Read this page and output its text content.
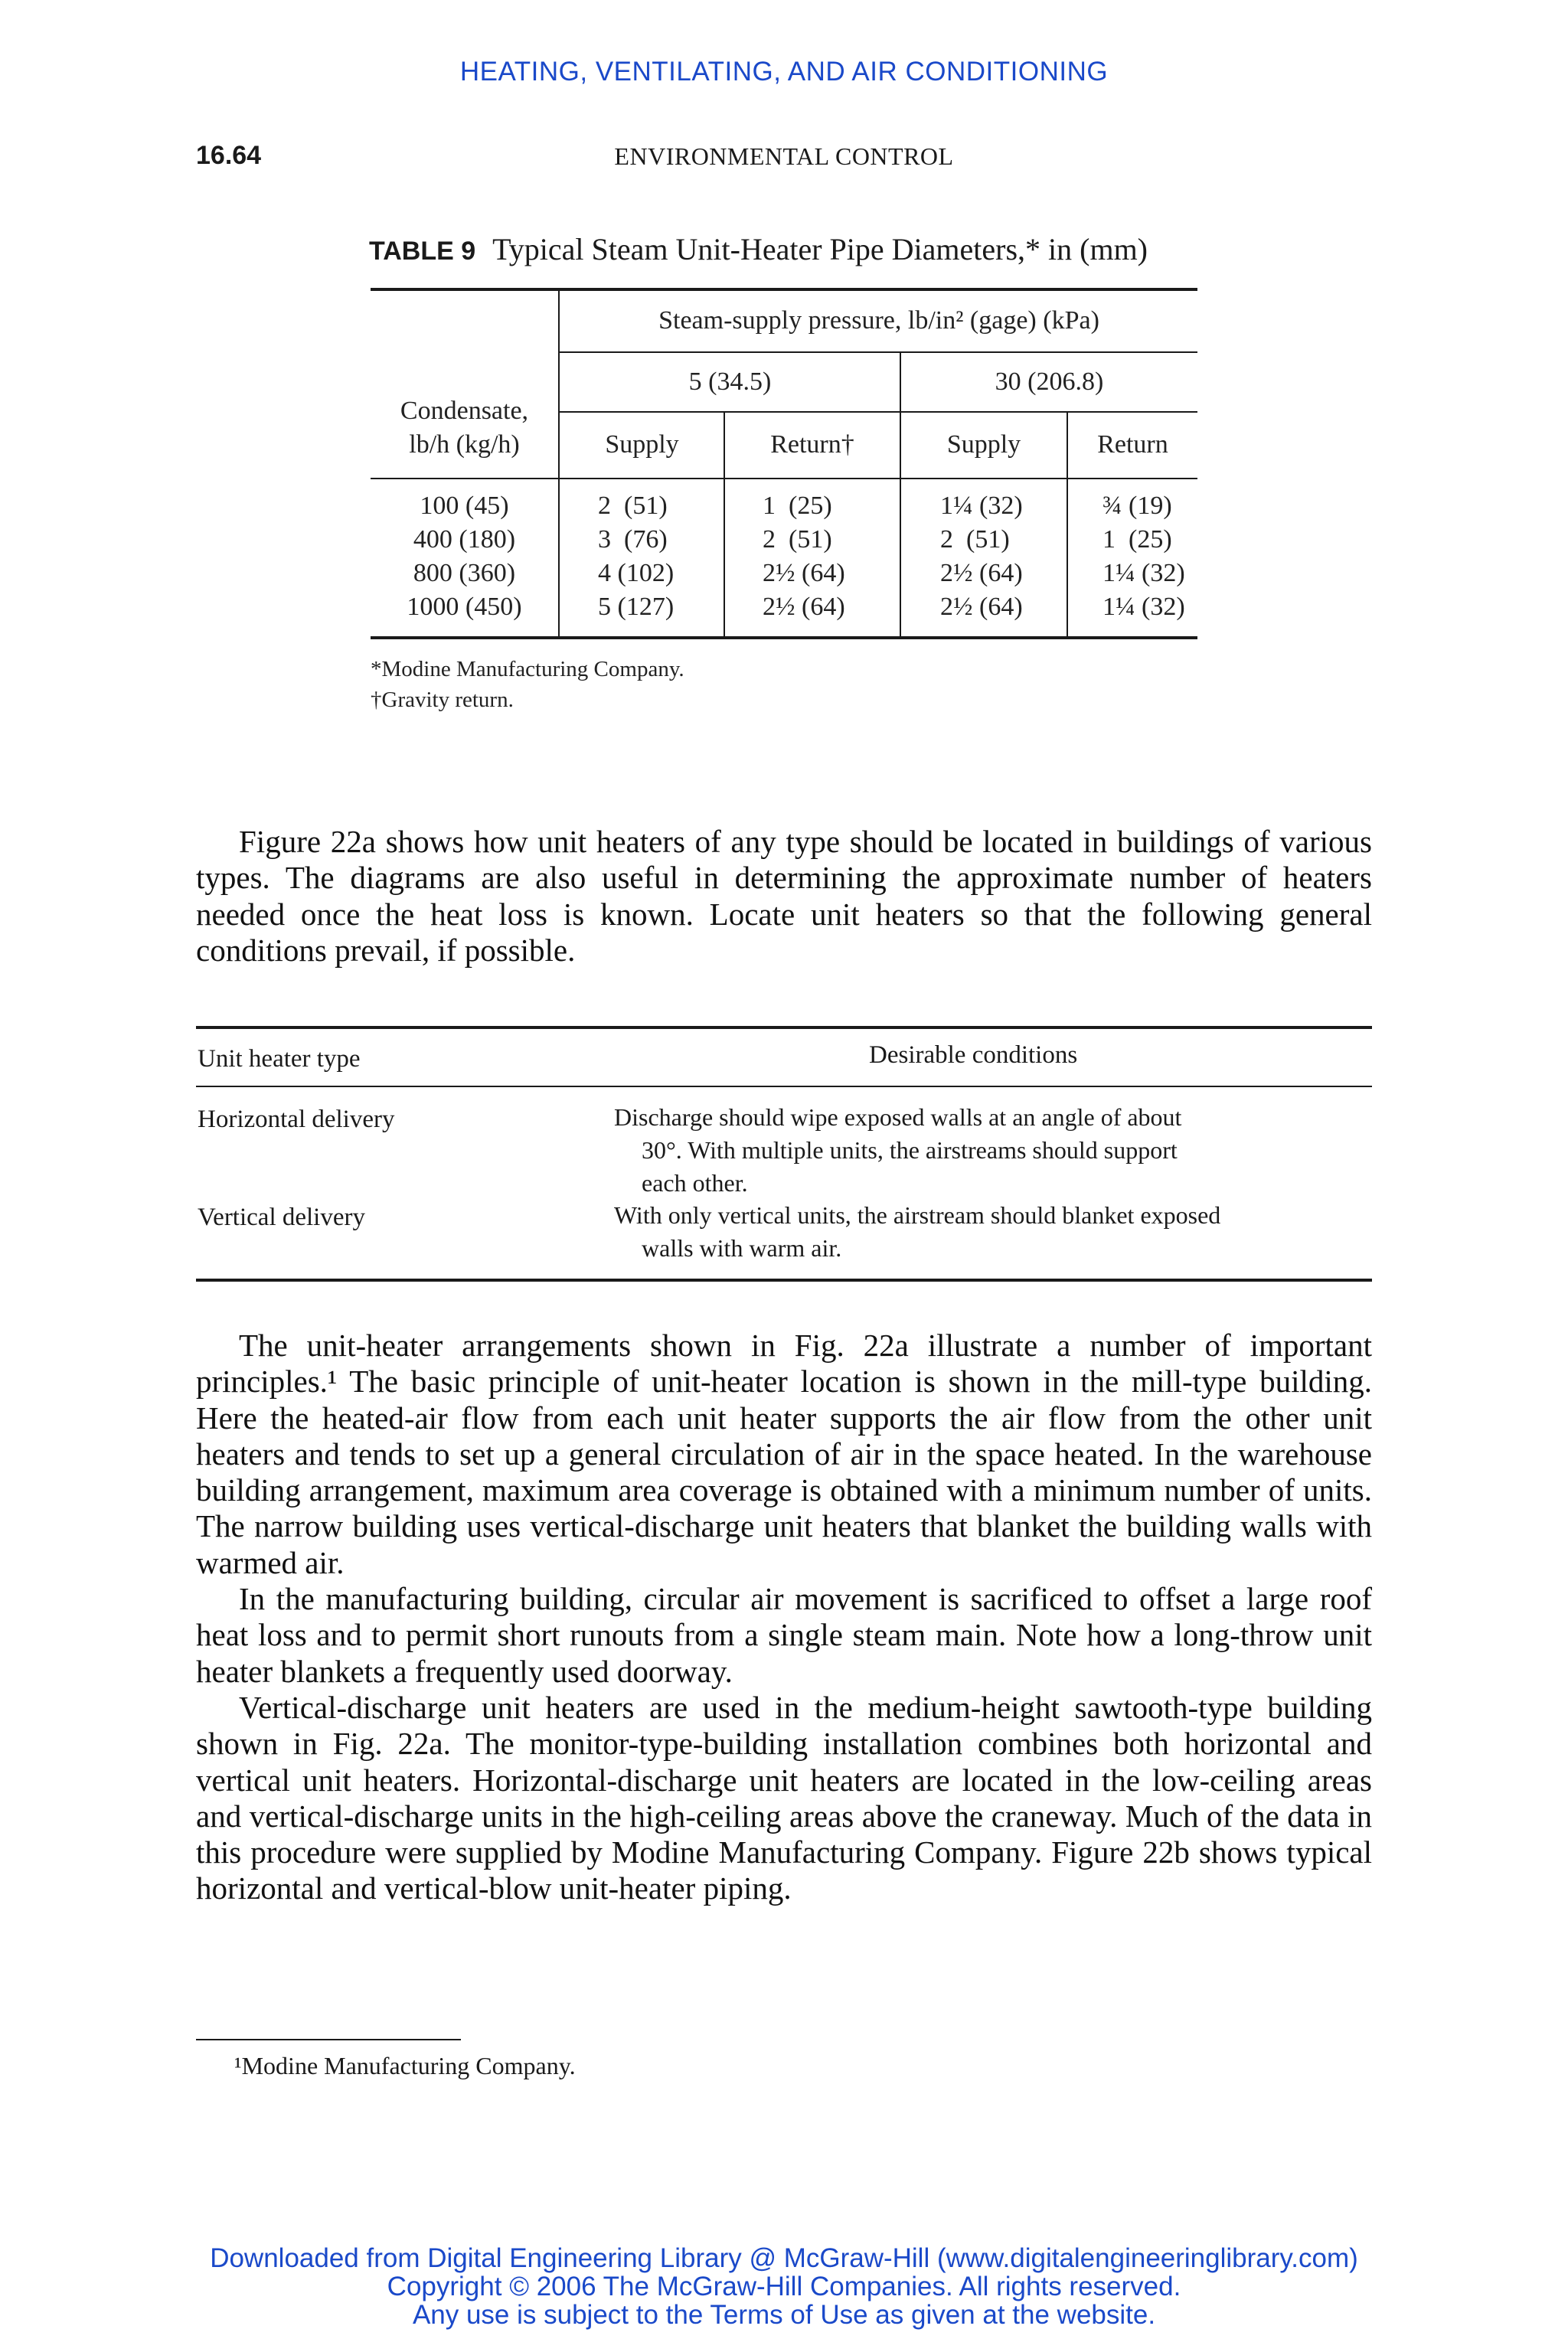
HEATING, VENTILATING, AND AIR CONDITIONING
16.64	ENVIRONMENTAL CONTROL
TABLE 9 Typical Steam Unit-Heater Pipe Diameters,* in (mm)
Steam-supply pressure, lb/in² (gage) (kPa)
5 (34.5)	30 (206.8)
Condensate,
lb/h (kg/h)	Supply	Return†	Supply	Return
100 (45)	2  (51)	1  (25)	1¼ (32)	¾ (19)
400 (180)	3  (76)	2  (51)	2  (51)	1  (25)
800 (360)	4 (102)	2½ (64)	2½ (64)	1¼ (32)
1000 (450)	5 (127)	2½ (64)	2½ (64)	1¼ (32)
*Modine Manufacturing Company.
†Gravity return.

Figure 22a shows how unit heaters of any type should be located in buildings of various types. The diagrams are also useful in determining the approximate number of heaters needed once the heat loss is known. Locate unit heaters so that the following general conditions prevail, if possible.

Unit heater type	Desirable conditions
Horizontal delivery	Discharge should wipe exposed walls at an angle of about
30°. With multiple units, the airstreams should support
each other.
Vertical delivery	With only vertical units, the airstream should blanket exposed
walls with warm air.

The unit-heater arrangements shown in Fig. 22a illustrate a number of important principles.¹ The basic principle of unit-heater location is shown in the mill-type building. Here the heated-air flow from each unit heater supports the air flow from the other unit heaters and tends to set up a general circulation of air in the space heated. In the warehouse building arrangement, maximum area coverage is obtained with a minimum number of units. The narrow building uses vertical-discharge unit heaters that blanket the building walls with warmed air.

In the manufacturing building, circular air movement is sacrificed to offset a large roof heat loss and to permit short runouts from a single steam main. Note how a long-throw unit heater blankets a frequently used doorway.

Vertical-discharge unit heaters are used in the medium-height sawtooth-type building shown in Fig. 22a. The monitor-type-building installation combines both horizontal and vertical unit heaters. Horizontal-discharge unit heaters are located in the low-ceiling areas and vertical-discharge units in the high-ceiling areas above the craneway. Much of the data in this procedure were supplied by Modine Manufacturing Company. Figure 22b shows typical horizontal and vertical-blow unit-heater piping.

¹Modine Manufacturing Company.
Downloaded from Digital Engineering Library @ McGraw-Hill (www.digitalengineeringlibrary.com)
Copyright © 2006 The McGraw-Hill Companies. All rights reserved.
Any use is subject to the Terms of Use as given at the website.
